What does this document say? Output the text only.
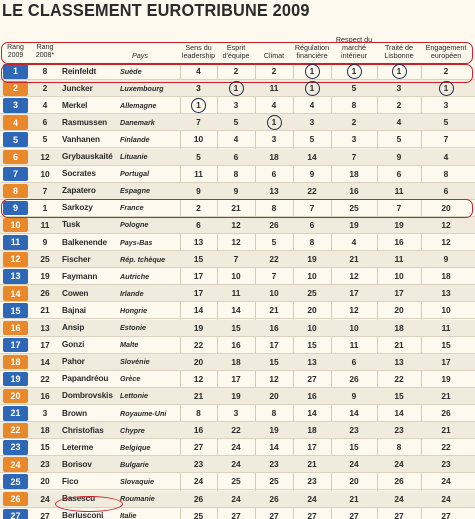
LE CLASSEMENT EUROTRIBUNE 2009
Rang 2009
Rang 2008*	Pays
Sens du leadership
Esprit d'équipe	Climat
Régulation financière
Respect du marché intérieur
Traité de Lisbonne
Engagement européen
1	8	Reinfeldt	Suède	4	2	2	1	1	1	2
2	2	Juncker	Luxembourg	3	1	11	1	5	3	1
3	4	Merkel	Allemagne	1	3	4	4	8	2	3
4	6	Rasmussen	Danemark	7	5	1	3	2	4	5
5	5	Vanhanen	Finlande	10	4	3	5	3	5	7
6	12	Grybauskaité	Lituanie	5	6	18	14	7	9	4
7	10	Socrates	Portugal	11	8	6	9	18	6	8
8	7	Zapatero	Espagne	9	9	13	22	16	11	6
9	1	Sarkozy	France	2	21	8	7	25	7	20
10	11	Tusk	Pologne	6	12	26	6	19	19	12
11	9	Balkenende	Pays-Bas	13	12	5	8	4	16	12
12	25	Fischer	Rép. tchèque	15	7	22	19	21	11	9
13	19	Faymann	Autriche	17	10	7	10	12	10	18
14	26	Cowen	Irlande	17	11	10	25	17	17	13
15	21	Bajnai	Hongrie	14	14	21	20	12	20	10
16	13	Ansip	Estonie	19	15	16	10	10	18	11
17	17	Gonzi	Malte	22	16	17	15	11	21	15
18	14	Pahor	Slovénie	20	18	15	13	6	13	17
19	22	Papandréou	Grèce	12	17	12	27	26	22	19
20	16	Dombrovskis	Lettonie	21	19	20	16	9	15	21
21	3	Brown	Royaume-Uni	8	3	8	14	14	14	26
22	18	Christofias	Chypre	16	22	19	18	23	23	21
23	15	Leterme	Belgique	27	24	14	17	15	8	22
24	23	Borisov	Bulgarie	23	24	23	21	24	24	23
25	20	Fico	Slovaquie	24	25	25	23	20	26	24
26	24	Basescu	Roumanie	26	24	26	24	21	24	24
27	27	Berlusconi	Italie	25	27	27	27	27	27	27
